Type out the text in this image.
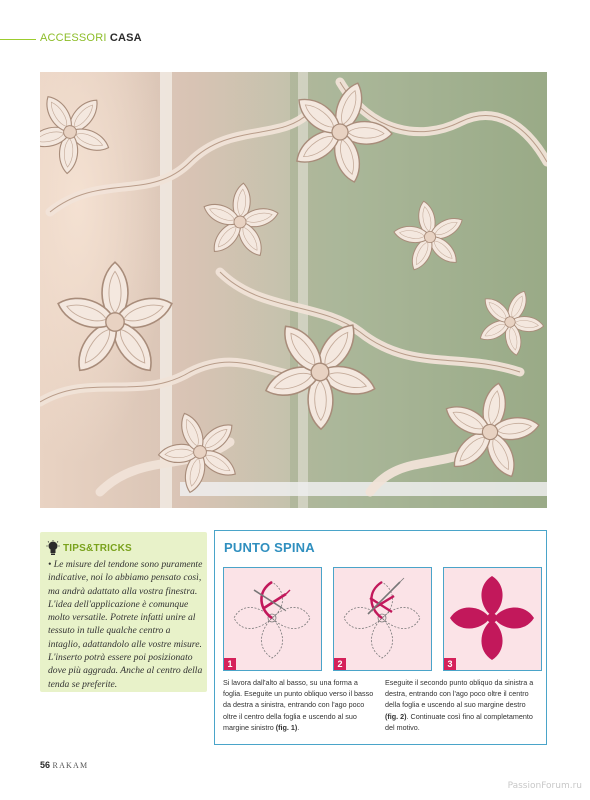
ACCESSORI CASA
TIPS&TRICKS
• Le misure del tendone sono puramente indicative, noi lo abbiamo pensato così, ma andrà adattato alla vostra finestra. L'idea dell'applicazione è comunque molto versatile. Potrete infatti unire al tessuto in tulle qualche centro a intaglio, adattandolo alle vostre misure. L'inserto potrà essere poi posizionato dove più aggrada. Anche al centro della tenda se preferite.
PUNTO SPINA
1	2	3
Si lavora dall'alto al basso, su una forma a foglia. Eseguite un punto obliquo verso il basso da destra a sinistra, entrando con l'ago poco oltre il centro della foglia e uscendo al suo margine sinistro (fig. 1).
Eseguite il secondo punto obliquo da sinistra a destra, entrando con l'ago poco oltre il centro della foglia e uscendo al suo margine destro (fig. 2). Continuate così fino al completamento del motivo.
56 RAKAM
PassionForum.ru
